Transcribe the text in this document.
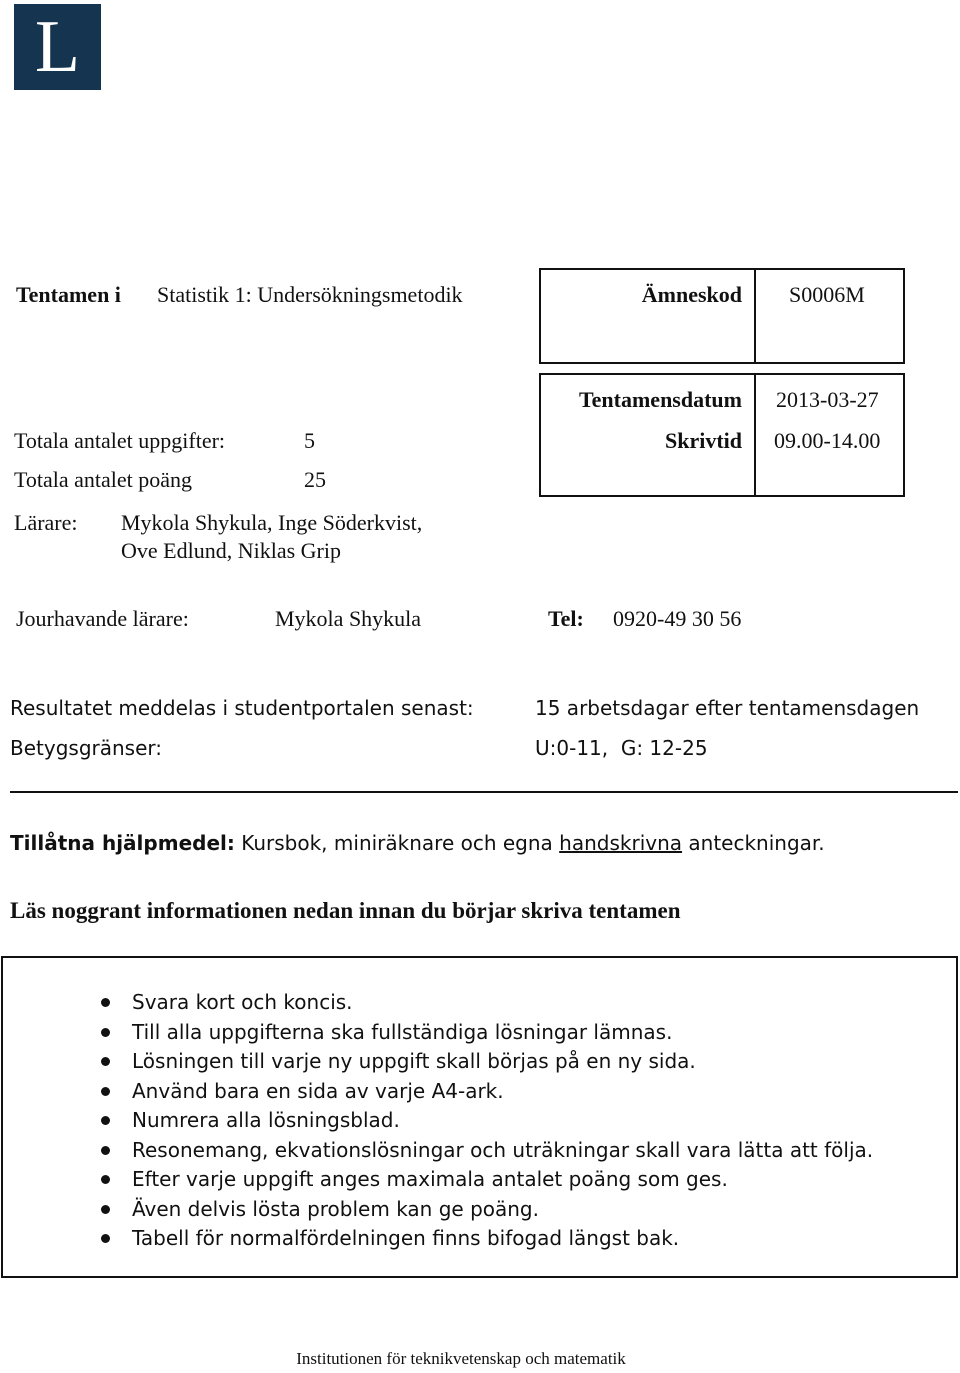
L
Tentamen i Statistik 1: Undersökningsmetodik	Ämneskod S0006M
Tentamensdatum 2013-03-27
Skrivtid 09.00-14.00
Totala antalet uppgifter:	5
Totala antalet poäng	25
Lärare: Mykola Shykula, Inge Söderkvist,
Ove Edlund, Niklas Grip
Jourhavande lärare:	Mykola Shykula	Tel: 0920-49 30 56
Resultatet meddelas i studentportalen senast:	15 arbetsdagar efter tentamensdagen
Betygsgränser:	U:0-11,  G: 12-25
Tillåtna hjälpmedel: Kursbok, miniräknare och egna handskrivna anteckningar.
Läs noggrant informationen nedan innan du börjar skriva tentamen
Svara kort och koncis.
Till alla uppgifterna ska fullständiga lösningar lämnas.
Lösningen till varje ny uppgift skall börjas på en ny sida.
Använd bara en sida av varje A4-ark.
Numrera alla lösningsblad.
Resonemang, ekvationslösningar och uträkningar skall vara lätta att följa.
Efter varje uppgift anges maximala antalet poäng som ges.
Även delvis lösta problem kan ge poäng.
Tabell för normalfördelningen finns bifogad längst bak.
Institutionen för teknikvetenskap och matematik
